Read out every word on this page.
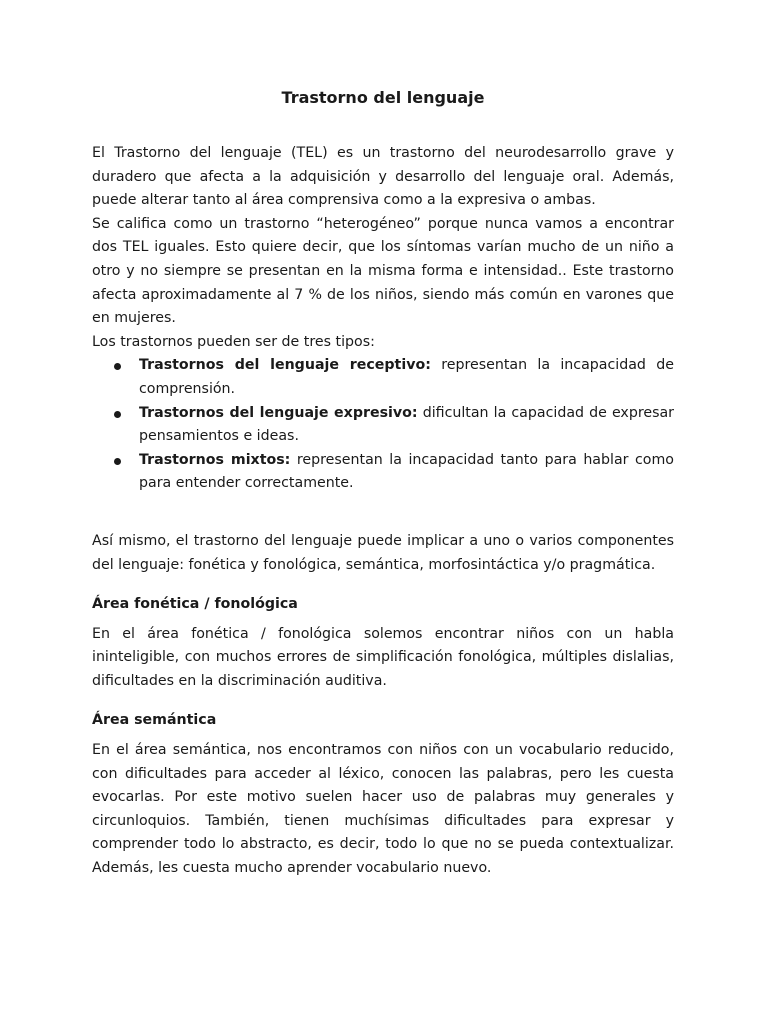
Trastorno del lenguaje

El Trastorno del lenguaje (TEL) es un trastorno del neurodesarrollo grave y duradero que afecta a la adquisición y desarrollo del lenguaje oral. Además, puede alterar tanto al área comprensiva como a la expresiva o ambas.

Se califica como un trastorno “heterogéneo” porque nunca vamos a encontrar dos TEL iguales. Esto quiere decir, que los síntomas varían mucho de un niño a otro y no siempre se presentan en la misma forma e intensidad.. Este trastorno afecta aproximadamente al 7 % de los niños, siendo más común en varones que en mujeres.

Los trastornos pueden ser de tres tipos:

Trastornos del lenguaje receptivo: representan la incapacidad de comprensión.
Trastornos del lenguaje expresivo: dificultan la capacidad de expresar pensamientos e ideas.
Trastornos mixtos: representan la incapacidad tanto para hablar como para entender correctamente.

Así mismo, el trastorno del lenguaje puede implicar a uno o varios componentes del lenguaje: fonética y fonológica, semántica, morfosintáctica y/o pragmática.

Área fonética / fonológica

En el área fonética / fonológica solemos encontrar niños con un habla ininteligible, con muchos errores de simplificación fonológica, múltiples dislalias, dificultades en la discriminación auditiva.

Área semántica

En el área semántica, nos encontramos con niños con un vocabulario reducido, con dificultades para acceder al léxico, conocen las palabras, pero les cuesta evocarlas. Por este motivo suelen hacer uso de palabras muy generales y circunloquios. También, tienen muchísimas dificultades para expresar y comprender todo lo abstracto, es decir, todo lo que no se pueda contextualizar. Además, les cuesta mucho aprender vocabulario nuevo.
